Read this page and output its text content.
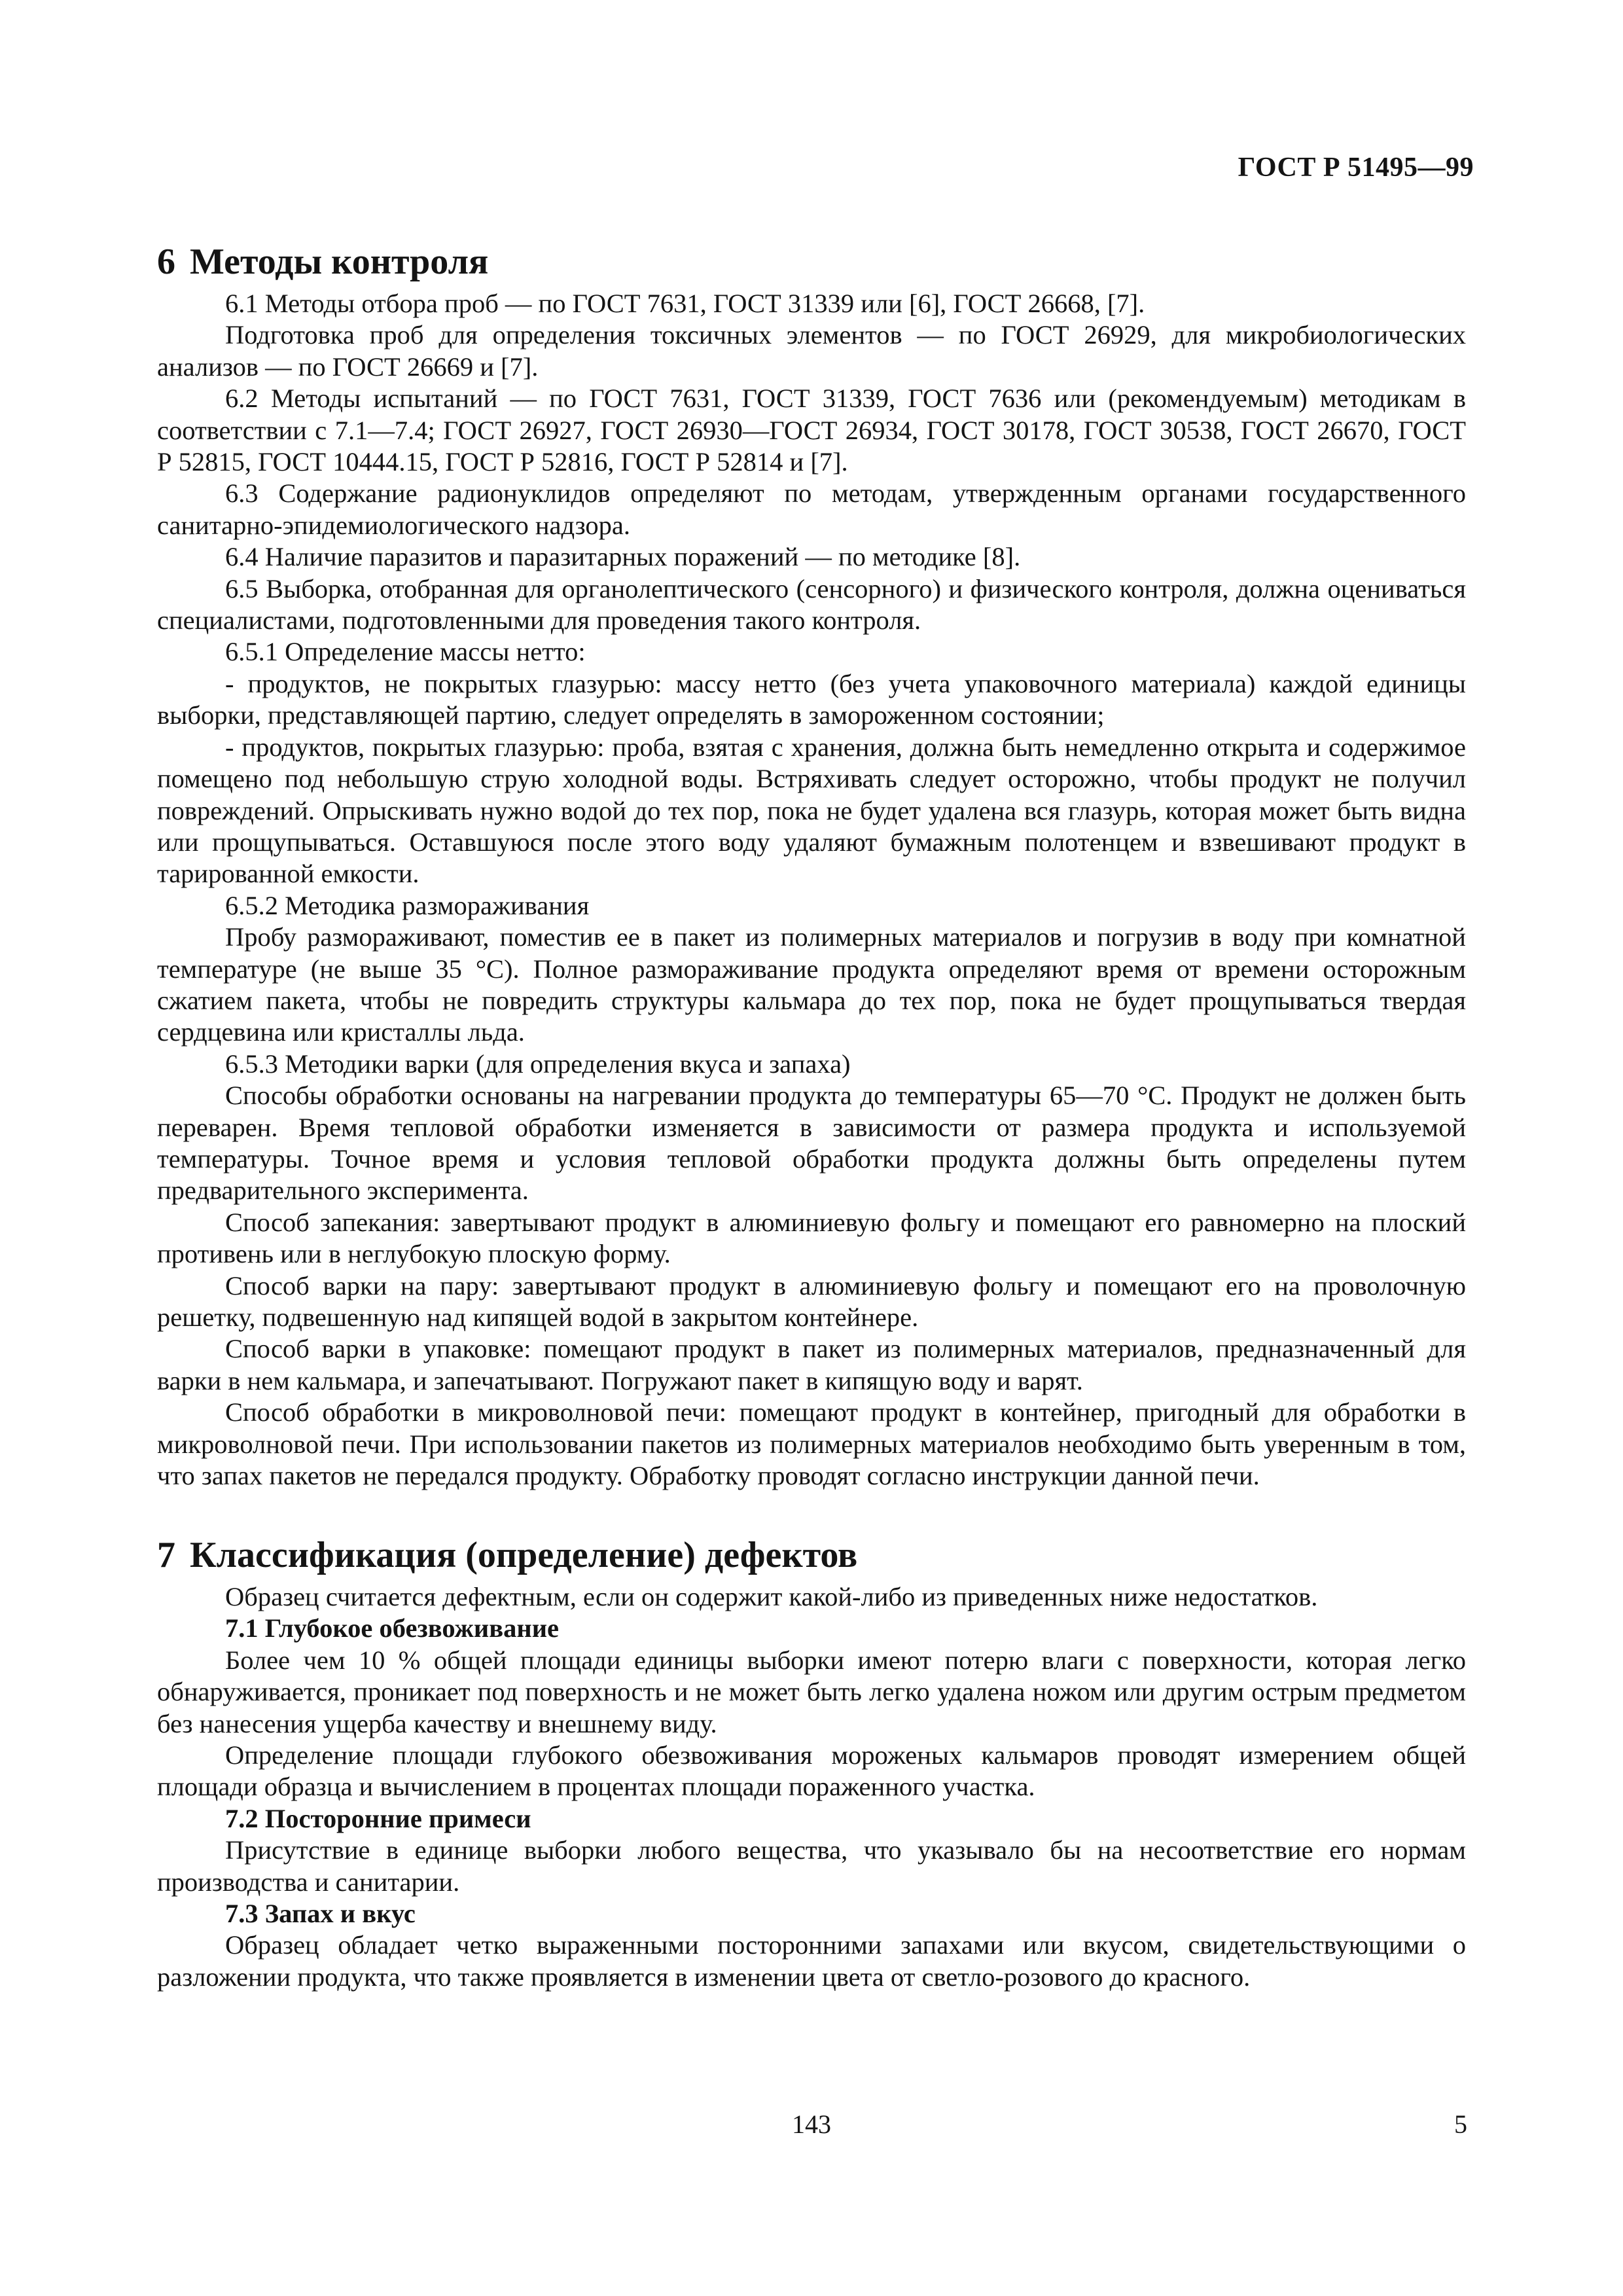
ГОСТ Р 51495—99
6 Методы контроля

6.1 Методы отбора проб — по ГОСТ 7631, ГОСТ 31339 или [6], ГОСТ 26668, [7].

Подготовка проб для определения токсичных элементов — по ГОСТ 26929, для микробиологических анализов — по ГОСТ 26669 и [7].

6.2 Методы испытаний — по ГОСТ 7631, ГОСТ 31339, ГОСТ 7636 или (рекомендуемым) методикам в соответствии с 7.1—7.4; ГОСТ 26927, ГОСТ 26930—ГОСТ 26934, ГОСТ 30178, ГОСТ 30538, ГОСТ 26670, ГОСТ Р 52815, ГОСТ 10444.15, ГОСТ Р 52816, ГОСТ Р 52814 и [7].

6.3 Содержание радионуклидов определяют по методам, утвержденным органами государственного санитарно-эпидемиологического надзора.

6.4 Наличие паразитов и паразитарных поражений — по методике [8].

6.5 Выборка, отобранная для органолептического (сенсорного) и физического контроля, должна оцениваться специалистами, подготовленными для проведения такого контроля.

6.5.1 Определение массы нетто:

- продуктов, не покрытых глазурью: массу нетто (без учета упаковочного материала) каждой единицы выборки, представляющей партию, следует определять в замороженном состоянии;

- продуктов, покрытых глазурью: проба, взятая с хранения, должна быть немедленно открыта и содержимое помещено под небольшую струю холодной воды. Встряхивать следует осторожно, чтобы продукт не получил повреждений. Опрыскивать нужно водой до тех пор, пока не будет удалена вся глазурь, которая может быть видна или прощупываться. Оставшуюся после этого воду удаляют бумажным полотенцем и взвешивают продукт в тарированной емкости.

6.5.2 Методика размораживания

Пробу размораживают, поместив ее в пакет из полимерных материалов и погрузив в воду при комнатной температуре (не выше 35 °С). Полное размораживание продукта определяют время от времени осторожным сжатием пакета, чтобы не повредить структуры кальмара до тех пор, пока не будет прощупываться твердая сердцевина или кристаллы льда.

6.5.3 Методики варки (для определения вкуса и запаха)

Способы обработки основаны на нагревании продукта до температуры 65—70 °С. Продукт не должен быть переварен. Время тепловой обработки изменяется в зависимости от размера продукта и используемой температуры. Точное время и условия тепловой обработки продукта должны быть определены путем предварительного эксперимента.

Способ запекания: завертывают продукт в алюминиевую фольгу и помещают его равномерно на плоский противень или в неглубокую плоскую форму.

Способ варки на пару: завертывают продукт в алюминиевую фольгу и помещают его на проволочную решетку, подвешенную над кипящей водой в закрытом контейнере.

Способ варки в упаковке: помещают продукт в пакет из полимерных материалов, предназначенный для варки в нем кальмара, и запечатывают. Погружают пакет в кипящую воду и варят.

Способ обработки в микроволновой печи: помещают продукт в контейнер, пригодный для обработки в микроволновой печи. При использовании пакетов из полимерных материалов необходимо быть уверенным в том, что запах пакетов не передался продукту. Обработку проводят согласно инструкции данной печи.

7 Классификация (определение) дефектов

Образец считается дефектным, если он содержит какой-либо из приведенных ниже недостатков.

7.1 Глубокое обезвоживание

Более чем 10 % общей площади единицы выборки имеют потерю влаги с поверхности, которая легко обнаруживается, проникает под поверхность и не может быть легко удалена ножом или другим острым предметом без нанесения ущерба качеству и внешнему виду.

Определение площади глубокого обезвоживания мороженых кальмаров проводят измерением общей площади образца и вычислением в процентах площади пораженного участка.

7.2 Посторонние примеси

Присутствие в единице выборки любого вещества, что указывало бы на несоответствие его нормам производства и санитарии.

7.3 Запах и вкус

Образец обладает четко выраженными посторонними запахами или вкусом, свидетельствующими о разложении продукта, что также проявляется в изменении цвета от светло-розового до красного.

143	5
